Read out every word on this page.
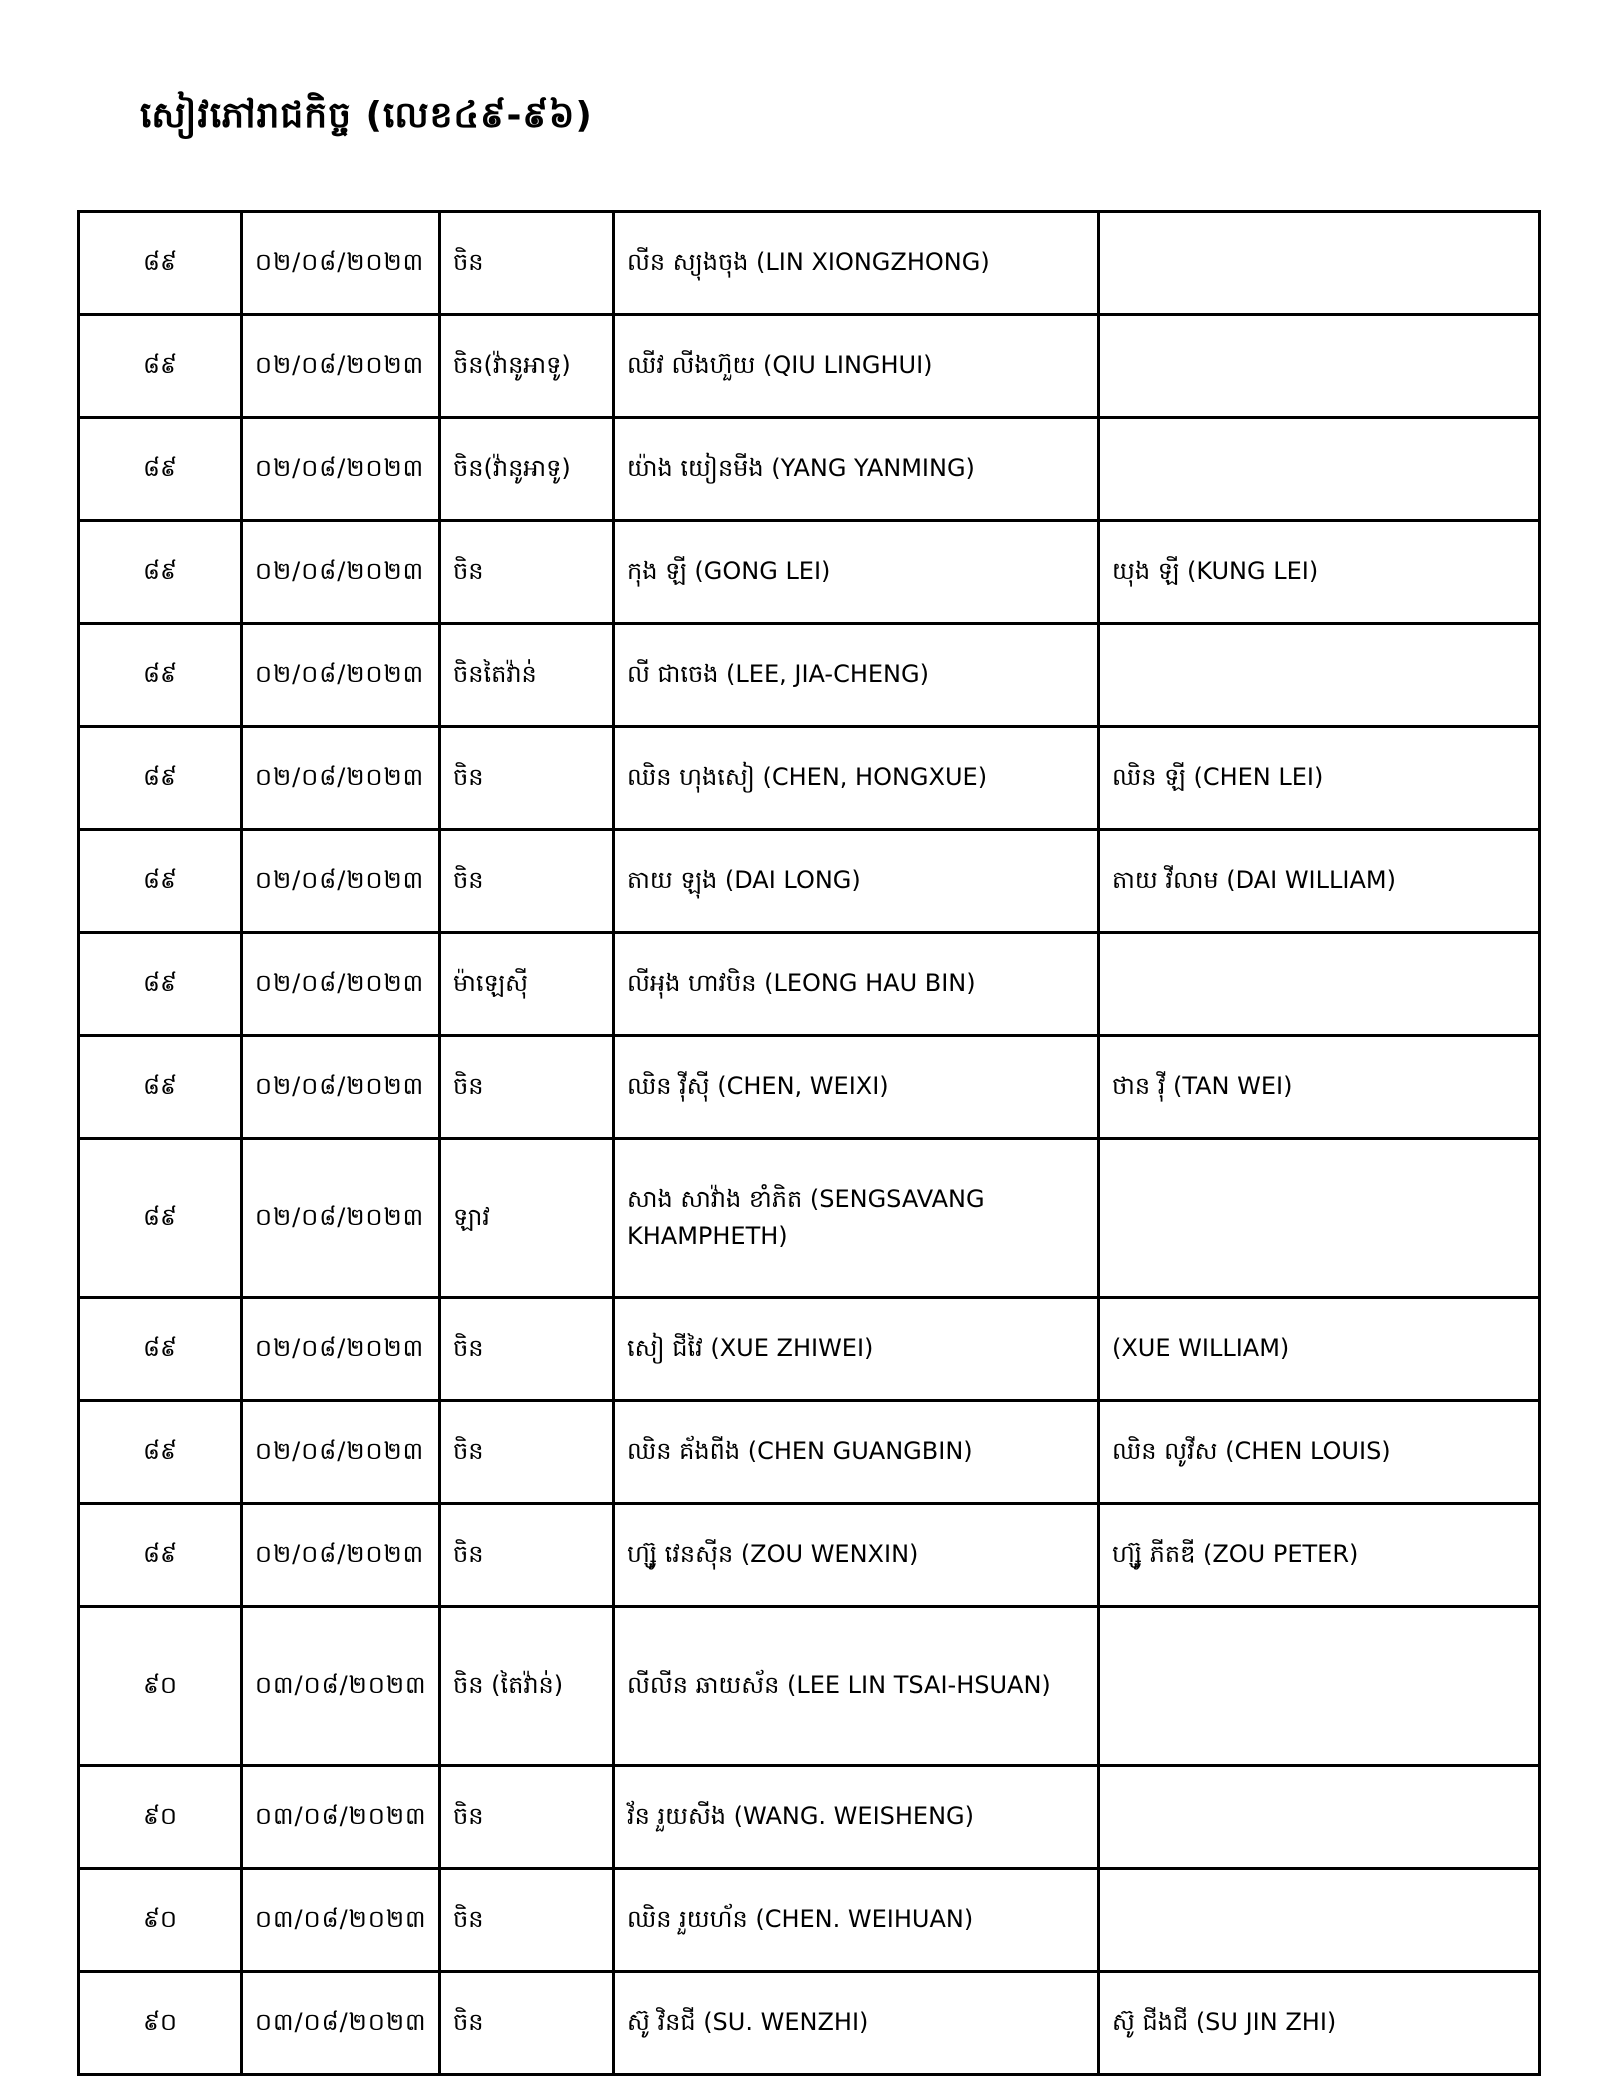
សៀវភៅរាជកិច្ច (លេខ៤៩-៩៦)
៨៩	០២/០៨/២០២៣	ចិន	លីន ស្យុងចុង (LIN XIONGZHONG)	
៨៩	០២/០៨/២០២៣	ចិន(វ៉ានូអាទូ)	ឈីវ លីងហ៊ួយ (QIU LINGHUI)	
៨៩	០២/០៨/២០២៣	ចិន(វ៉ានូអាទូ)	យ៉ាង យៀនមីង (YANG YANMING)	
៨៩	០២/០៨/២០២៣	ចិន	កុង ឡី (GONG LEI)	យុង ឡី (KUNG LEI)
៨៩	០២/០៨/២០២៣	ចិនតៃវ៉ាន់	លី ជាចេង (LEE, JIA-CHENG)	
៨៩	០២/០៨/២០២៣	ចិន	ឈិន ហុងសៀ (CHEN, HONGXUE)	ឈិន ឡី (CHEN LEI)
៨៩	០២/០៨/២០២៣	ចិន	តាយ ឡុង (DAI LONG)	តាយ វីលាម (DAI WILLIAM)
៨៩	០២/០៨/២០២៣	ម៉ាឡេស៊ី	លីអុង ហាវបិន (LEONG HAU BIN)	
៨៩	០២/០៨/២០២៣	ចិន	ឈិន វ៉ីស៊ី (CHEN, WEIXI)	ថាន វ៉ី (TAN WEI)
៨៩	០២/០៨/២០២៣	ឡាវ	សាង សាវ៉ាង ខាំភិត (SENGSAVANG KHAMPHETH)	
៨៩	០២/០៨/២០២៣	ចិន	សៀ ជីវៃ (XUE ZHIWEI)	(XUE WILLIAM)
៨៩	០២/០៨/២០២៣	ចិន	ឈិន គ័ងពីង (CHEN GUANGBIN)	ឈិន លូវីស (CHEN LOUIS)
៨៩	០២/០៨/២០២៣	ចិន	ហ្ស៊ូ វេនស៊ីន (ZOU WENXIN)	ហ្ស៊ូ ភីតឌី (ZOU PETER)
៩០	០៣/០៨/២០២៣	ចិន (តៃវ៉ាន់)	លីលីន ឆាយស័ន (LEE LIN TSAI-HSUAN)	
៩០	០៣/០៨/២០២៣	ចិន	វ័ន រួយសីង (WANG. WEISHENG)	
៩០	០៣/០៨/២០២៣	ចិន	ឈិន រួយហ័ន (CHEN. WEIHUAN)	
៩០	០៣/០៨/២០២៣	ចិន	ស៊ូ វិនជី (SU. WENZHI)	ស៊ូ ជីងជី (SU JIN ZHI)
